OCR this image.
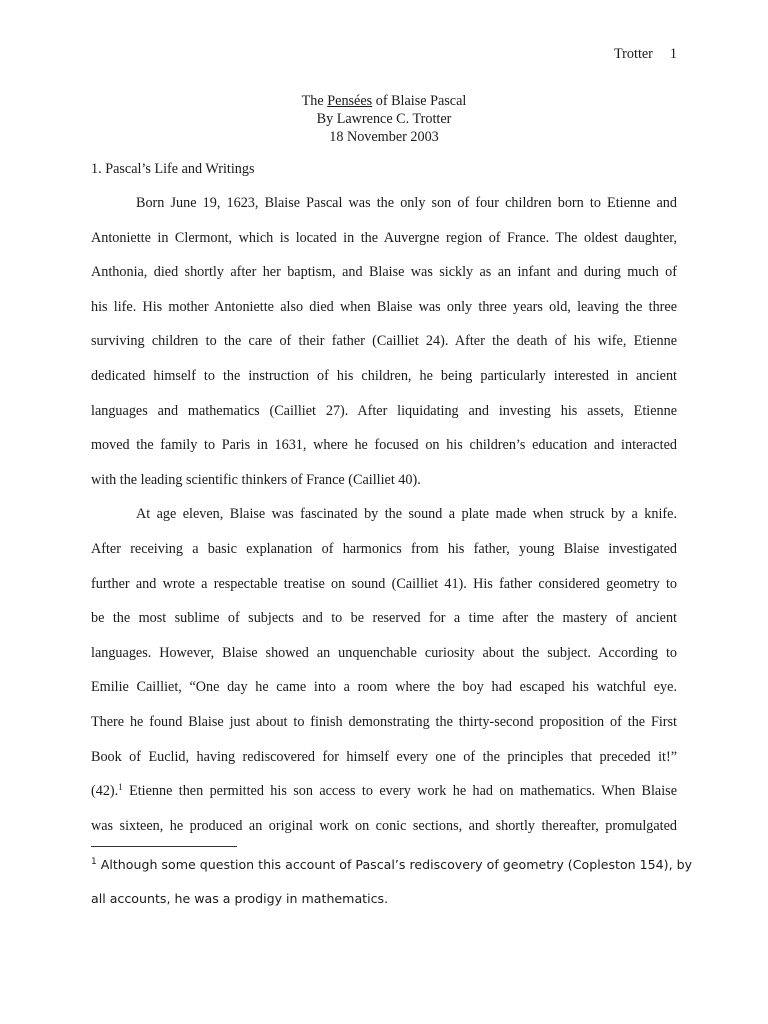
Trotter 1
The Pensées of Blaise Pascal
By Lawrence C. Trotter
18 November 2003
1. Pascal’s Life and Writings
Born June 19, 1623, Blaise Pascal was the only son of four children born to Etienne and
Antoniette in Clermont, which is located in the Auvergne region of France. The oldest daughter,
Anthonia, died shortly after her baptism, and Blaise was sickly as an infant and during much of
his life. His mother Antoniette also died when Blaise was only three years old, leaving the three
surviving children to the care of their father (Cailliet 24). After the death of his wife, Etienne
dedicated himself to the instruction of his children, he being particularly interested in ancient
languages and mathematics (Cailliet 27). After liquidating and investing his assets, Etienne
moved the family to Paris in 1631, where he focused on his children’s education and interacted
with the leading scientific thinkers of France (Cailliet 40).
At age eleven, Blaise was fascinated by the sound a plate made when struck by a knife.
After receiving a basic explanation of harmonics from his father, young Blaise investigated
further and wrote a respectable treatise on sound (Cailliet 41). His father considered geometry to
be the most sublime of subjects and to be reserved for a time after the mastery of ancient
languages. However, Blaise showed an unquenchable curiosity about the subject. According to
Emilie Cailliet, “One day he came into a room where the boy had escaped his watchful eye.
There he found Blaise just about to finish demonstrating the thirty-second proposition of the First
Book of Euclid, having rediscovered for himself every one of the principles that preceded it!”
(42).$^1$ Etienne then permitted his son access to every work he had on mathematics. When Blaise
was sixteen, he produced an original work on conic sections, and shortly thereafter, promulgated
$^1$ Although some question this account of Pascal’s rediscovery of geometry (Copleston 154), by
all accounts, he was a prodigy in mathematics.
